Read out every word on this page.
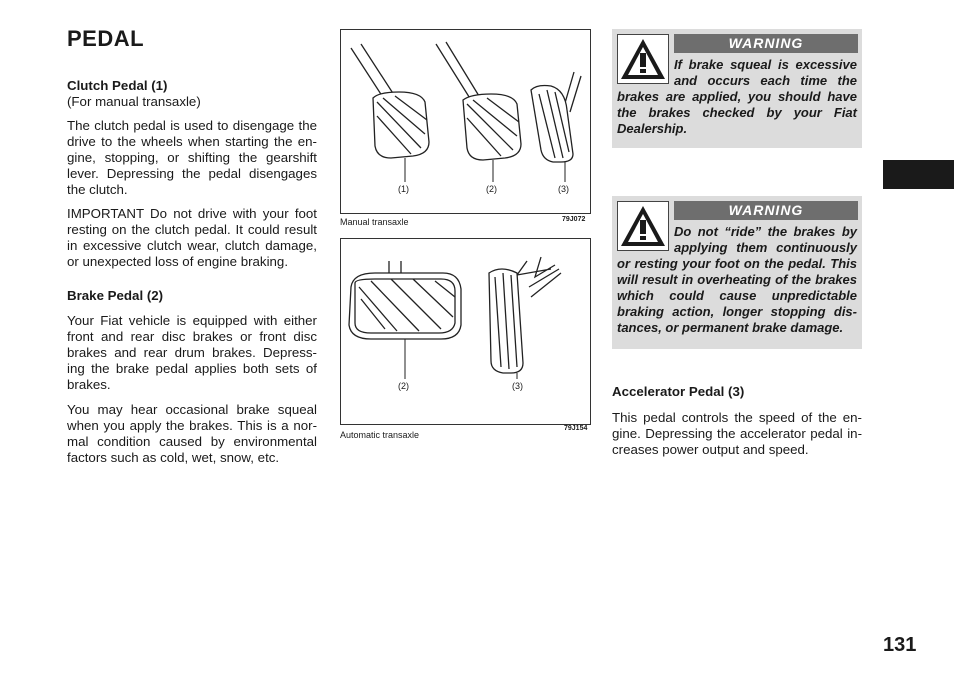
PEDAL

Clutch Pedal (1)

(For manual transaxle)

The clutch pedal is used to disengage the drive to the wheels when starting the en- gine, stopping, or shifting the gearshift lever. Depressing the pedal disengages the clutch.

IMPORTANT Do not drive with your foot resting on the clutch pedal. It could result in excessive clutch wear, clutch damage, or unexpected loss of engine braking.

Brake Pedal (2)

Your Fiat vehicle is equipped with either front and rear disc brakes or front disc brakes and rear drum brakes. Depress- ing the brake pedal applies both sets of brakes.

You may hear occasional brake squeal when you apply the brakes. This is a nor- mal condition caused by environmental factors such as cold, wet, snow, etc.

(1)	(2)	(3)
Manual transaxle	79J072
(2)	(3)
Automatic transaxle
79J154
WARNING
If brake squeal is excessive and occurs each time the brakes are applied, you should have the brakes checked by your Fiat Dealership.
WARNING
Do not “ride” the brakes by applying them continuously or resting your foot on the pedal. This will result in overheating of the brakes which could cause unpredictable braking action, longer stopping dis- tances, or permanent brake damage.

Accelerator Pedal (3)

This pedal controls the speed of the en- gine. Depressing the accelerator pedal in- creases power output and speed.

131
